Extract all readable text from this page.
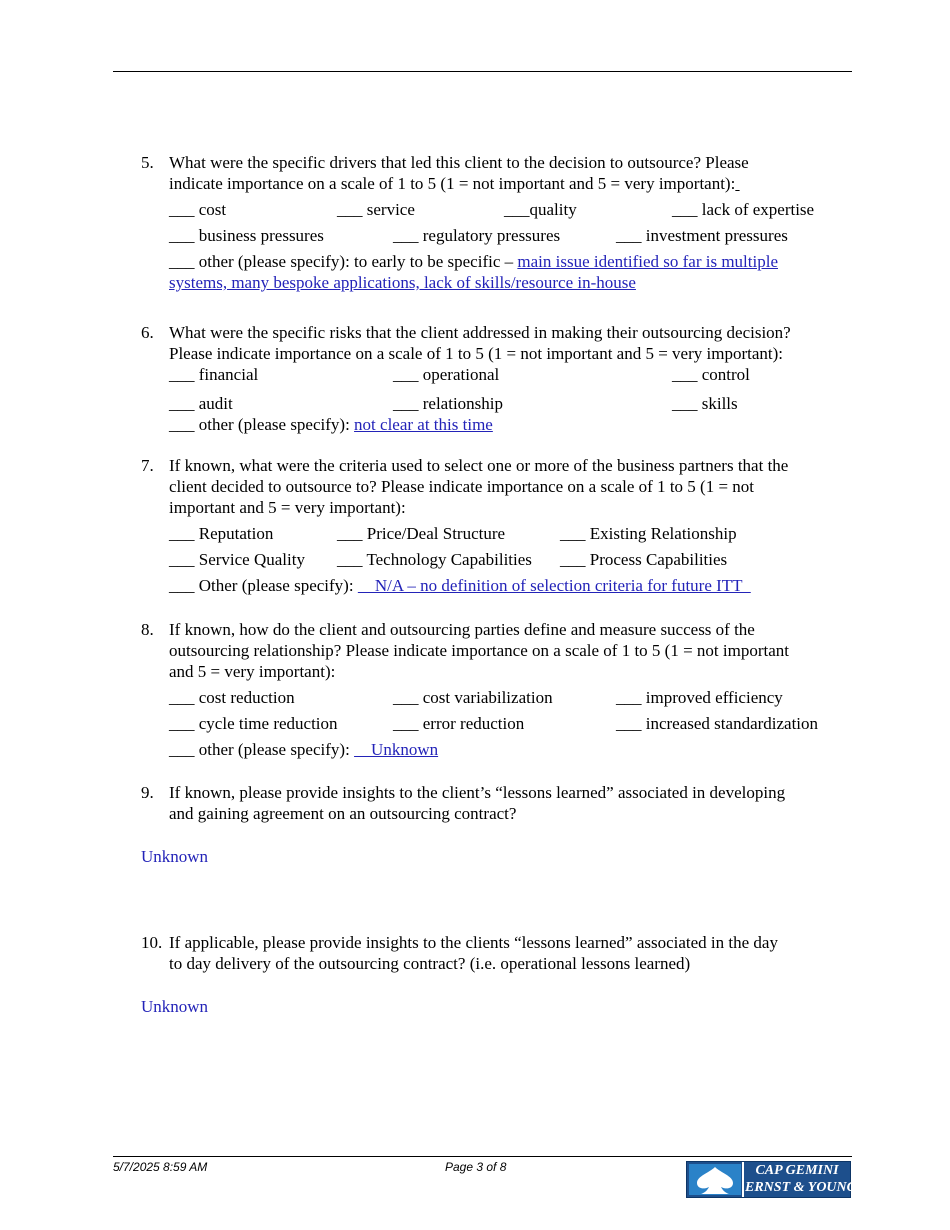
5. What were the specific drivers that led this client to the decision to outsource? Please
indicate importance on a scale of 1 to 5 (1 = not important and 5 = very important):
___ cost	___ service	___quality	___ lack of expertise
___ business pressures	___ regulatory pressures	___ investment pressures
___ other (please specify): to early to be specific – main issue identified so far is multiple
systems, many bespoke applications, lack of skills/resource in-house
6. What were the specific risks that the client addressed in making their outsourcing decision?
Please indicate importance on a scale of 1 to 5 (1 = not important and 5 = very important):
___ financial	___ operational	___ control
___ audit	___ relationship	___ skills
___ other (please specify): not clear at this time
7. If known, what were the criteria used to select one or more of the business partners that the
client decided to outsource to? Please indicate importance on a scale of 1 to 5 (1 = not
important and 5 = very important):
___ Reputation	___ Price/Deal Structure	___ Existing Relationship
___ Service Quality ___ Technology Capabilities ___ Process Capabilities
___ Other (please specify):     N/A – no definition of selection criteria for future ITT
8. If known, how do the client and outsourcing parties define and measure success of the
outsourcing relationship? Please indicate importance on a scale of 1 to 5 (1 = not important
and 5 = very important):
___ cost reduction	___ cost variabilization	___ improved efficiency
___ cycle time reduction	___ error reduction	___ increased standardization
___ other (please specify):     Unknown
9. If known, please provide insights to the client’s “lessons learned” associated in developing
and gaining agreement on an outsourcing contract?
Unknown
10. If applicable, please provide insights to the clients “lessons learned” associated in the day
to day delivery of the outsourcing contract? (i.e. operational lessons learned)
Unknown
5/7/2025 8:59 AM	Page 3 of 8	CAP GEMINI
ERNST & YOUNG
